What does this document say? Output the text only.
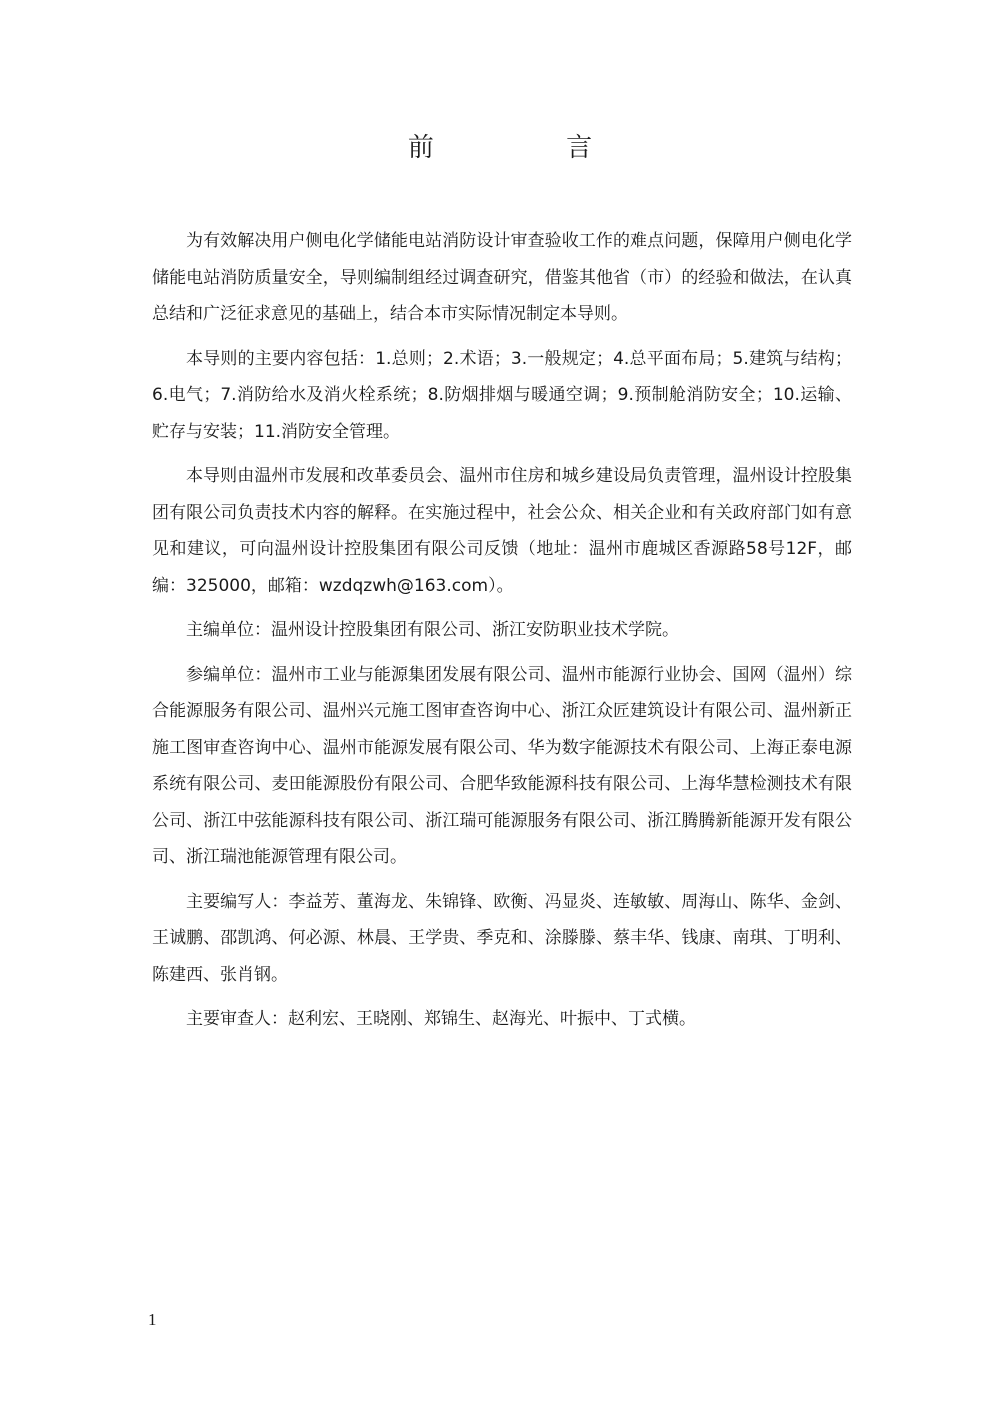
前 言

为有效解决用户侧电化学储能电站消防设计审查验收工作的难点问题，保障用户侧电化学储能电站消防质量安全，导则编制组经过调查研究，借鉴其他省（市）的经验和做法，在认真总结和广泛征求意见的基础上，结合本市实际情况制定本导则。

本导则的主要内容包括：1.总则；2.术语；3.一般规定；4.总平面布局；5.建筑与结构；6.电气；7.消防给水及消火栓系统；8.防烟排烟与暖通空调；9.预制舱消防安全；10.运输、贮存与安装；11.消防安全管理。

本导则由温州市发展和改革委员会、温州市住房和城乡建设局负责管理，温州设计控股集团有限公司负责技术内容的解释。在实施过程中，社会公众、相关企业和有关政府部门如有意见和建议，可向温州设计控股集团有限公司反馈（地址：温州市鹿城区香源路58号12F，邮编：325000，邮箱：wzdqzwh@163.com）。

主编单位：温州设计控股集团有限公司、浙江安防职业技术学院。

参编单位：温州市工业与能源集团发展有限公司、温州市能源行业协会、国网（温州）综合能源服务有限公司、温州兴元施工图审查咨询中心、浙江众匠建筑设计有限公司、温州新正施工图审查咨询中心、温州市能源发展有限公司、华为数字能源技术有限公司、上海正泰电源系统有限公司、麦田能源股份有限公司、合肥华致能源科技有限公司、上海华慧检测技术有限公司、浙江中弦能源科技有限公司、浙江瑞可能源服务有限公司、浙江腾腾新能源开发有限公司、浙江瑞池能源管理有限公司。

主要编写人：李益芳、董海龙、朱锦锋、欧衡、冯显炎、连敏敏、周海山、陈华、金剑、王诚鹏、邵凯鸿、何必源、林晨、王学贵、季克和、涂滕滕、蔡丰华、钱康、南琪、丁明利、陈建西、张肖钢。

主要审查人：赵利宏、王晓刚、郑锦生、赵海光、叶振中、丁式横。

1
